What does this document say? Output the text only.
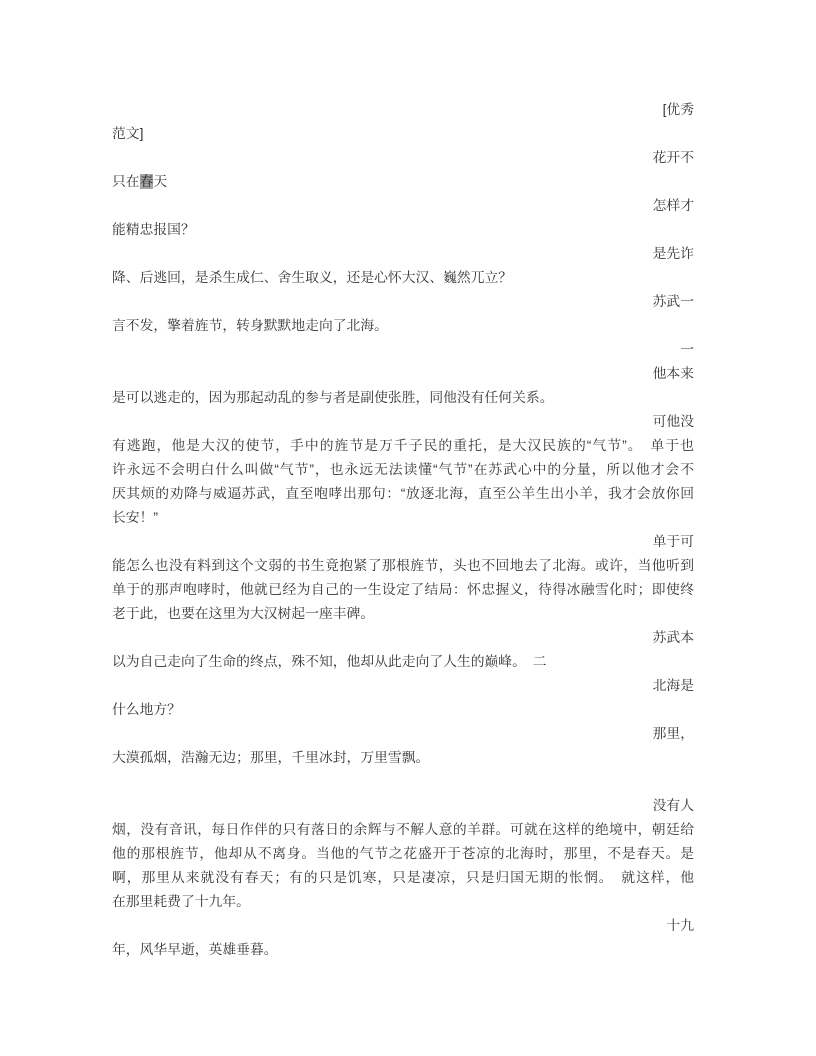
[优秀
范文]
花开不
只在春天
怎样才
能精忠报国？
是先诈
降、后逃回，是杀生成仁、舍生取义，还是心怀大汉、巍然兀立？
苏武一
言不发，擎着旌节，转身默默地走向了北海。
一
他本来
是可以逃走的，因为那起动乱的参与者是副使张胜，同他没有任何关系。
可他没
有逃跑，他是大汉的使节，手中的旌节是万千子民的重托，是大汉民族的“气节”。　单于也
许永远不会明白什么叫做“气节”，也永远无法读懂“气节”在苏武心中的分量，所以他才会不
厌其烦的劝降与威逼苏武，直至咆哮出那句：“放逐北海，直至公羊生出小羊，我才会放你回
长安！”
单于可
能怎么也没有料到这个文弱的书生竟抱紧了那根旌节，头也不回地去了北海。或许，当他听到
单于的那声咆哮时，他就已经为自己的一生设定了结局：怀忠握义，待得冰融雪化时；即使终
老于此，也要在这里为大汉树起一座丰碑。
苏武本
以为自己走向了生命的终点，殊不知，他却从此走向了人生的巅峰。　二
北海是
什么地方？
那里，
大漠孤烟，浩瀚无边；那里，千里冰封，万里雪飘。
没有人
烟，没有音讯，每日作伴的只有落日的余辉与不解人意的羊群。可就在这样的绝境中，朝廷给
他的那根旌节，他却从不离身。当他的气节之花盛开于苍凉的北海时，那里，不是春天。是
啊，那里从来就没有春天；有的只是饥寒，只是凄凉，只是归国无期的怅惘。　就这样，他
在那里耗费了十九年。
十九
年，风华早逝，英雄垂暮。
